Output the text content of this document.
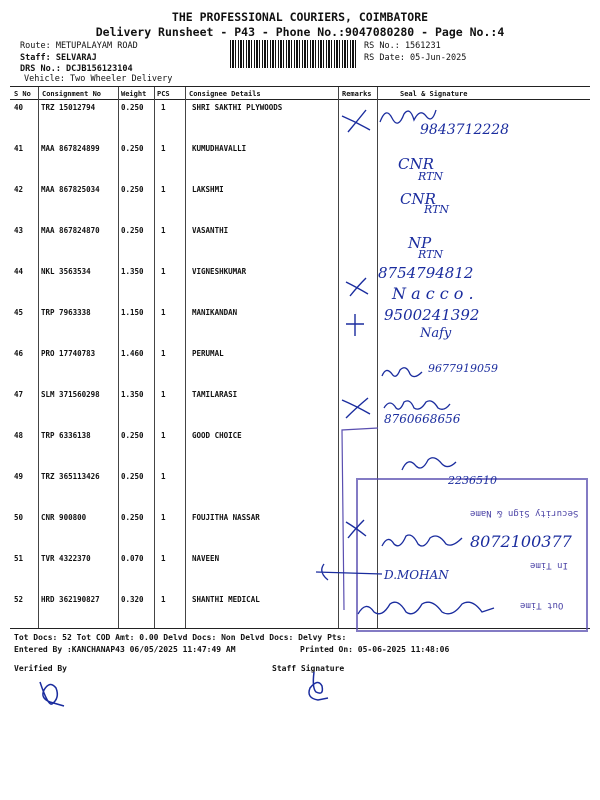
THE PROFESSIONAL COURIERS, COIMBATORE
Delivery Runsheet - P43 - Phone No.:9047080280 - Page No.:4
Route: METUPALAYAM ROAD
Staff: SELVARAJ
DRS No.: DCJB156123104
Vehicle: Two Wheeler Delivery
RS No.: 1561231
RS Date: 05-Jun-2025
S No Consignment No	Weight PCS	Consignee Details	Remarks	Seal & Signature
40 TRZ 15012794	0.250 1	SHRI SAKTHI PLYWOODS
41 MAA 867824899	0.250 1	KUMUDHAVALLI
42 MAA 867825034	0.250 1	LAKSHMI
43 MAA 867824870	0.250 1	VASANTHI
44 NKL 3563534	1.350 1	VIGNESHKUMAR
45 TRP 7963338	1.150 1	MANIKANDAN
46 PRO 17740783	1.460 1	PERUMAL
47 SLM 371560298	1.350 1	TAMILARASI
48 TRP 6336138	0.250 1	GOOD CHOICE
49 TRZ 365113426	0.250 1
50 CNR 900800	0.250 1	FOUJITHA NASSAR
51 TVR 4322370	0.070 1	NAVEEN
52 HRD 362190827	0.320 1	SHANTHI MEDICAL
Security Sign & Name
In Time
Out Time
9843712228
CNR
RTN
CNR
RTN
NP
RTN
8754794812
N a c c o .
9500241392
Nafy
9677919059
8760668656
2236510
8072100377
D.MOHAN
Tot Docs: 52 Tot COD Amt: 0.00 Delvd Docs: Non Delvd Docs: Delvy Pts:
Entered By :KANCHANAP43 06/05/2025 11:47:49 AM	Printed On: 05-06-2025 11:48:06
Verified By	Staff Signature
